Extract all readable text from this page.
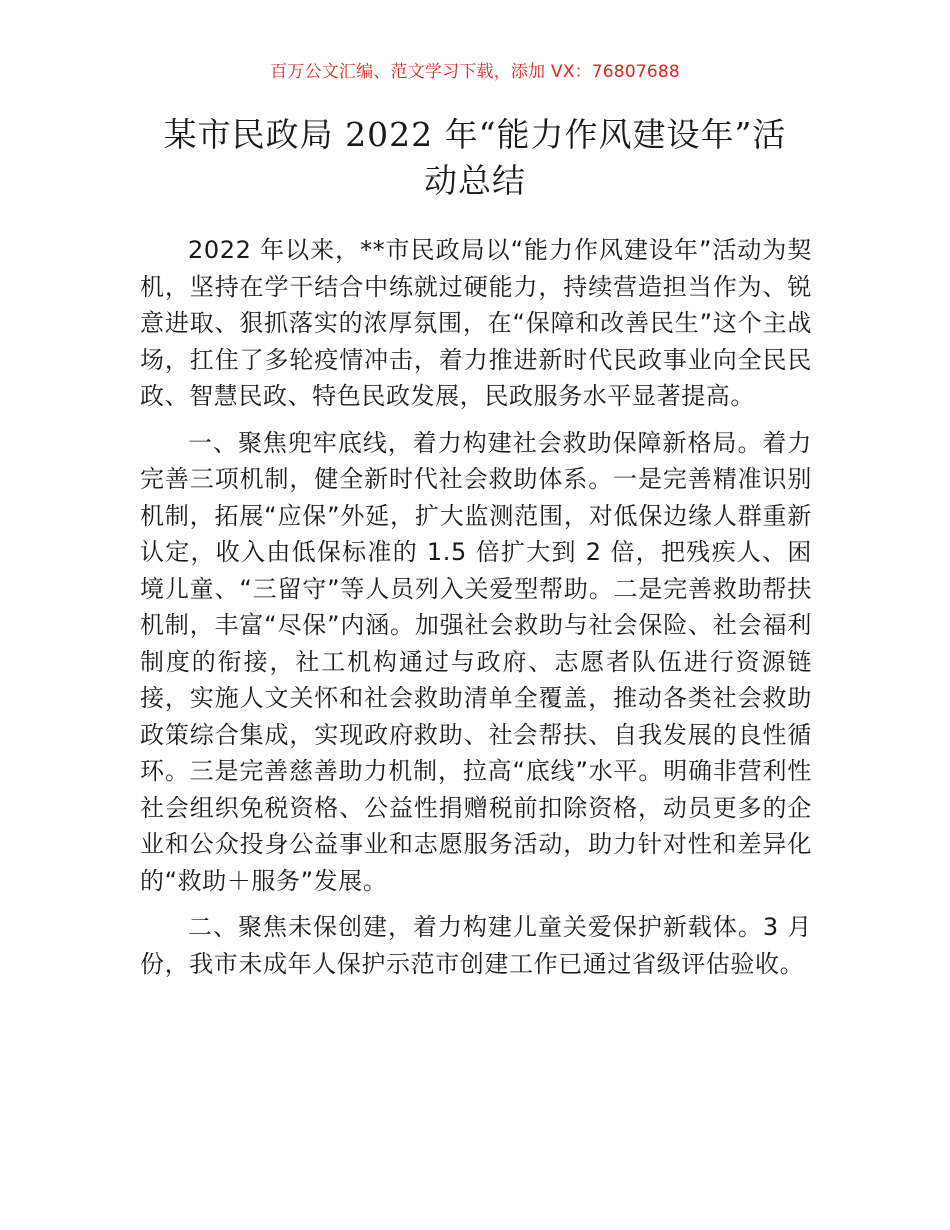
百万公文汇编、范文学习下载，添加 VX：76807688
某市民政局 2022 年“能力作风建设年”活
动总结

2022 年以来，**市民政局以“能力作风建设年”活动为契机，坚持在学干结合中练就过硬能力，持续营造担当作为、锐意进取、狠抓落实的浓厚氛围，在“保障和改善民生”这个主战场，扛住了多轮疫情冲击，着力推进新时代民政事业向全民民政、智慧民政、特色民政发展，民政服务水平显著提高。

一、聚焦兜牢底线，着力构建社会救助保障新格局。着力完善三项机制，健全新时代社会救助体系。一是完善精准识别机制，拓展“应保”外延，扩大监测范围，对低保边缘人群重新认定，收入由低保标准的 1.5 倍扩大到 2 倍，把残疾人、困境儿童、“三留守”等人员列入关爱型帮助。二是完善救助帮扶机制，丰富“尽保”内涵。加强社会救助与社会保险、社会福利制度的衔接，社工机构通过与政府、志愿者队伍进行资源链接，实施人文关怀和社会救助清单全覆盖，推动各类社会救助政策综合集成，实现政府救助、社会帮扶、自我发展的良性循环。三是完善慈善助力机制，拉高“底线”水平。明确非营利性社会组织免税资格、公益性捐赠税前扣除资格，动员更多的企业和公众投身公益事业和志愿服务活动，助力针对性和差异化的“救助＋服务”发展。

二、聚焦未保创建，着力构建儿童关爱保护新载体。3 月份，我市未成年人保护示范市创建工作已通过省级评估验收。
